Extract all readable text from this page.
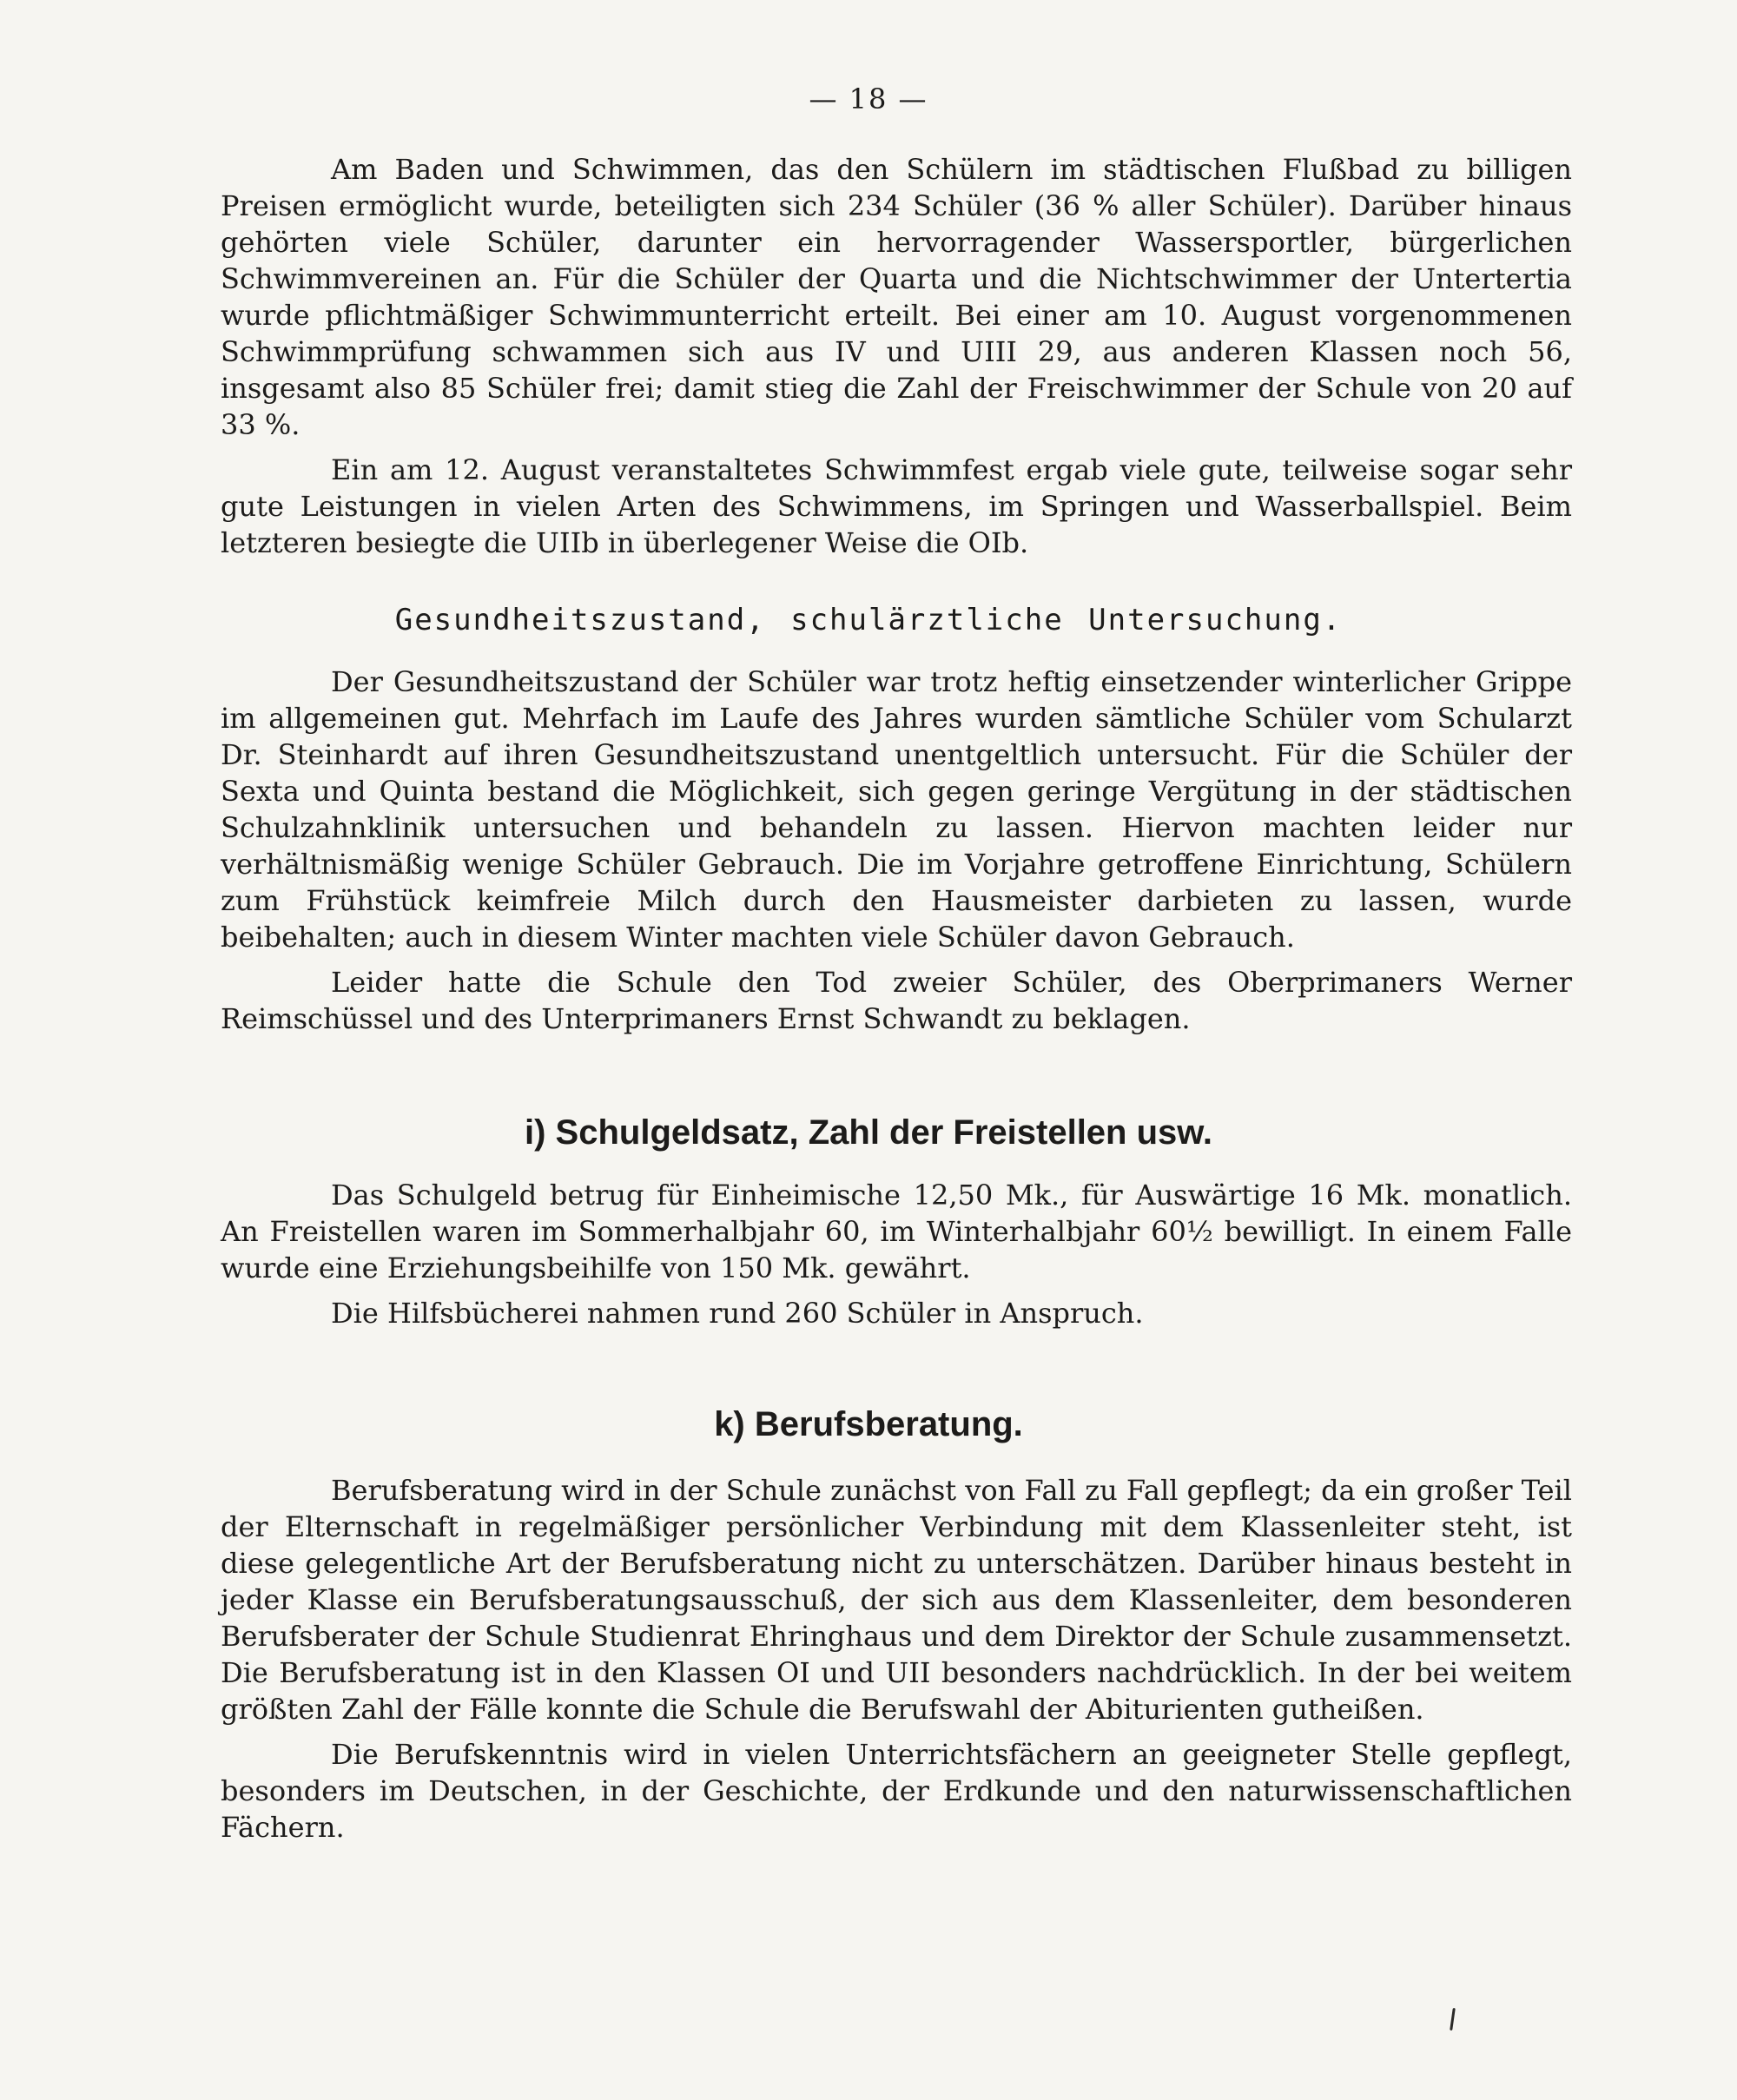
— 18 —

Am Baden und Schwimmen, das den Schülern im städtischen Flußbad zu billigen Preisen ermöglicht wurde, beteiligten sich 234 Schüler (36 % aller Schüler). Darüber hinaus gehörten viele Schüler, darunter ein hervorragender Wassersportler, bürgerlichen Schwimmvereinen an. Für die Schüler der Quarta und die Nichtschwimmer der Untertertia wurde pflichtmäßiger Schwimmunterricht erteilt. Bei einer am 10. August vorgenommenen Schwimmprüfung schwammen sich aus IV und UIII 29, aus anderen Klassen noch 56, insgesamt also 85 Schüler frei; damit stieg die Zahl der Freischwimmer der Schule von 20 auf 33 %.

Ein am 12. August veranstaltetes Schwimmfest ergab viele gute, teilweise sogar sehr gute Leistungen in vielen Arten des Schwimmens, im Springen und Wasserballspiel. Beim letzteren besiegte die UIIb in überlegener Weise die OIb.

Gesundheitszustand, schulärztliche Untersuchung.

Der Gesundheitszustand der Schüler war trotz heftig einsetzender winterlicher Grippe im allgemeinen gut. Mehrfach im Laufe des Jahres wurden sämtliche Schüler vom Schularzt Dr. Steinhardt auf ihren Gesundheitszustand unentgeltlich untersucht. Für die Schüler der Sexta und Quinta bestand die Möglichkeit, sich gegen geringe Vergütung in der städtischen Schulzahnklinik untersuchen und behandeln zu lassen. Hiervon machten leider nur verhältnismäßig wenige Schüler Gebrauch. Die im Vorjahre getroffene Einrichtung, Schülern zum Frühstück keimfreie Milch durch den Hausmeister darbieten zu lassen, wurde beibehalten; auch in diesem Winter machten viele Schüler davon Gebrauch.

Leider hatte die Schule den Tod zweier Schüler, des Oberprimaners Werner Reimschüssel und des Unterprimaners Ernst Schwandt zu beklagen.

i) Schulgeldsatz, Zahl der Freistellen usw.

Das Schulgeld betrug für Einheimische 12,50 Mk., für Auswärtige 16 Mk. monatlich. An Freistellen waren im Sommerhalbjahr 60, im Winterhalbjahr 60½ bewilligt. In einem Falle wurde eine Erziehungsbeihilfe von 150 Mk. gewährt.

Die Hilfsbücherei nahmen rund 260 Schüler in Anspruch.

k) Berufsberatung.

Berufsberatung wird in der Schule zunächst von Fall zu Fall gepflegt; da ein großer Teil der Elternschaft in regelmäßiger persönlicher Verbindung mit dem Klassenleiter steht, ist diese gelegentliche Art der Berufsberatung nicht zu unterschätzen. Darüber hinaus besteht in jeder Klasse ein Berufsberatungsausschuß, der sich aus dem Klassenleiter, dem besonderen Berufsberater der Schule Studienrat Ehringhaus und dem Direktor der Schule zusammensetzt. Die Berufsberatung ist in den Klassen OI und UII besonders nachdrücklich. In der bei weitem größten Zahl der Fälle konnte die Schule die Berufswahl der Abiturienten gutheißen.

Die Berufskenntnis wird in vielen Unterrichtsfächern an geeigneter Stelle gepflegt, besonders im Deutschen, in der Geschichte, der Erdkunde und den naturwissenschaftlichen Fächern.
